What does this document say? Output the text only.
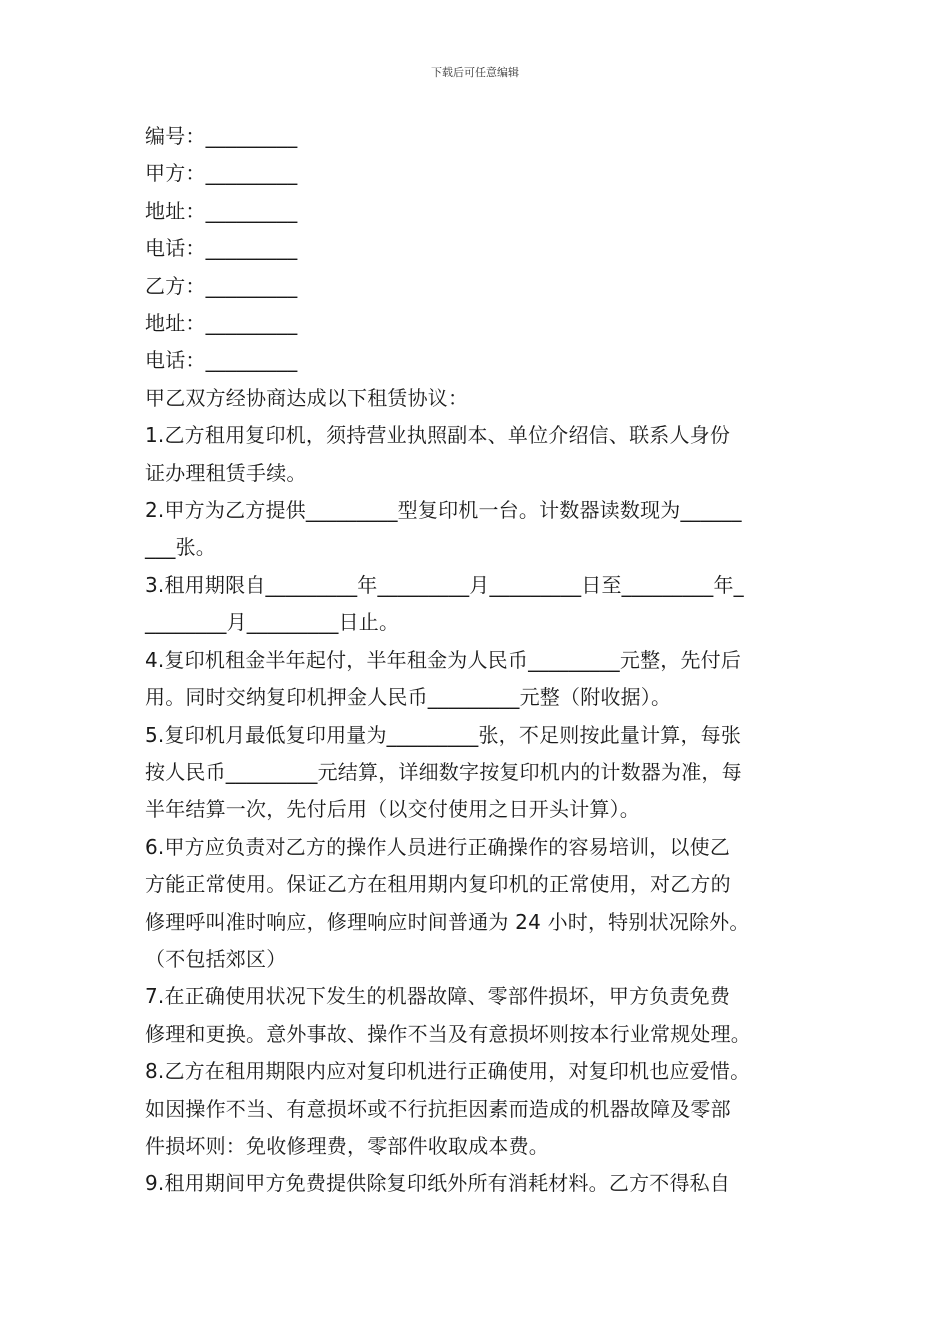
下载后可任意编辑
编号：_________
甲方：_________
地址：_________
电话：_________
乙方：_________
地址：_________
电话：_________
甲乙双方经协商达成以下租赁协议：
1.乙方租用复印机，须持营业执照副本、单位介绍信、联系人身份
证办理租赁手续。
2.甲方为乙方提供_________型复印机一台。计数器读数现为______
___张。
3.租用期限自_________年_________月_________日至_________年_
________月_________日止。
4.复印机租金半年起付，半年租金为人民币_________元整，先付后
用。同时交纳复印机押金人民币_________元整（附收据）。
5.复印机月最低复印用量为_________张，不足则按此量计算，每张
按人民币_________元结算，详细数字按复印机内的计数器为准，每
半年结算一次，先付后用（以交付使用之日开头计算）。
6.甲方应负责对乙方的操作人员进行正确操作的容易培训，以使乙
方能正常使用。保证乙方在租用期内复印机的正常使用，对乙方的
修理呼叫准时响应，修理响应时间普通为 24 小时，特别状况除外。
（不包括郊区）
7.在正确使用状况下发生的机器故障、零部件损坏，甲方负责免费
修理和更换。意外事故、操作不当及有意损坏则按本行业常规处理。
8.乙方在租用期限内应对复印机进行正确使用，对复印机也应爱惜。
如因操作不当、有意损坏或不行抗拒因素而造成的机器故障及零部
件损坏则：免收修理费，零部件收取成本费。
9.租用期间甲方免费提供除复印纸外所有消耗材料。乙方不得私自
